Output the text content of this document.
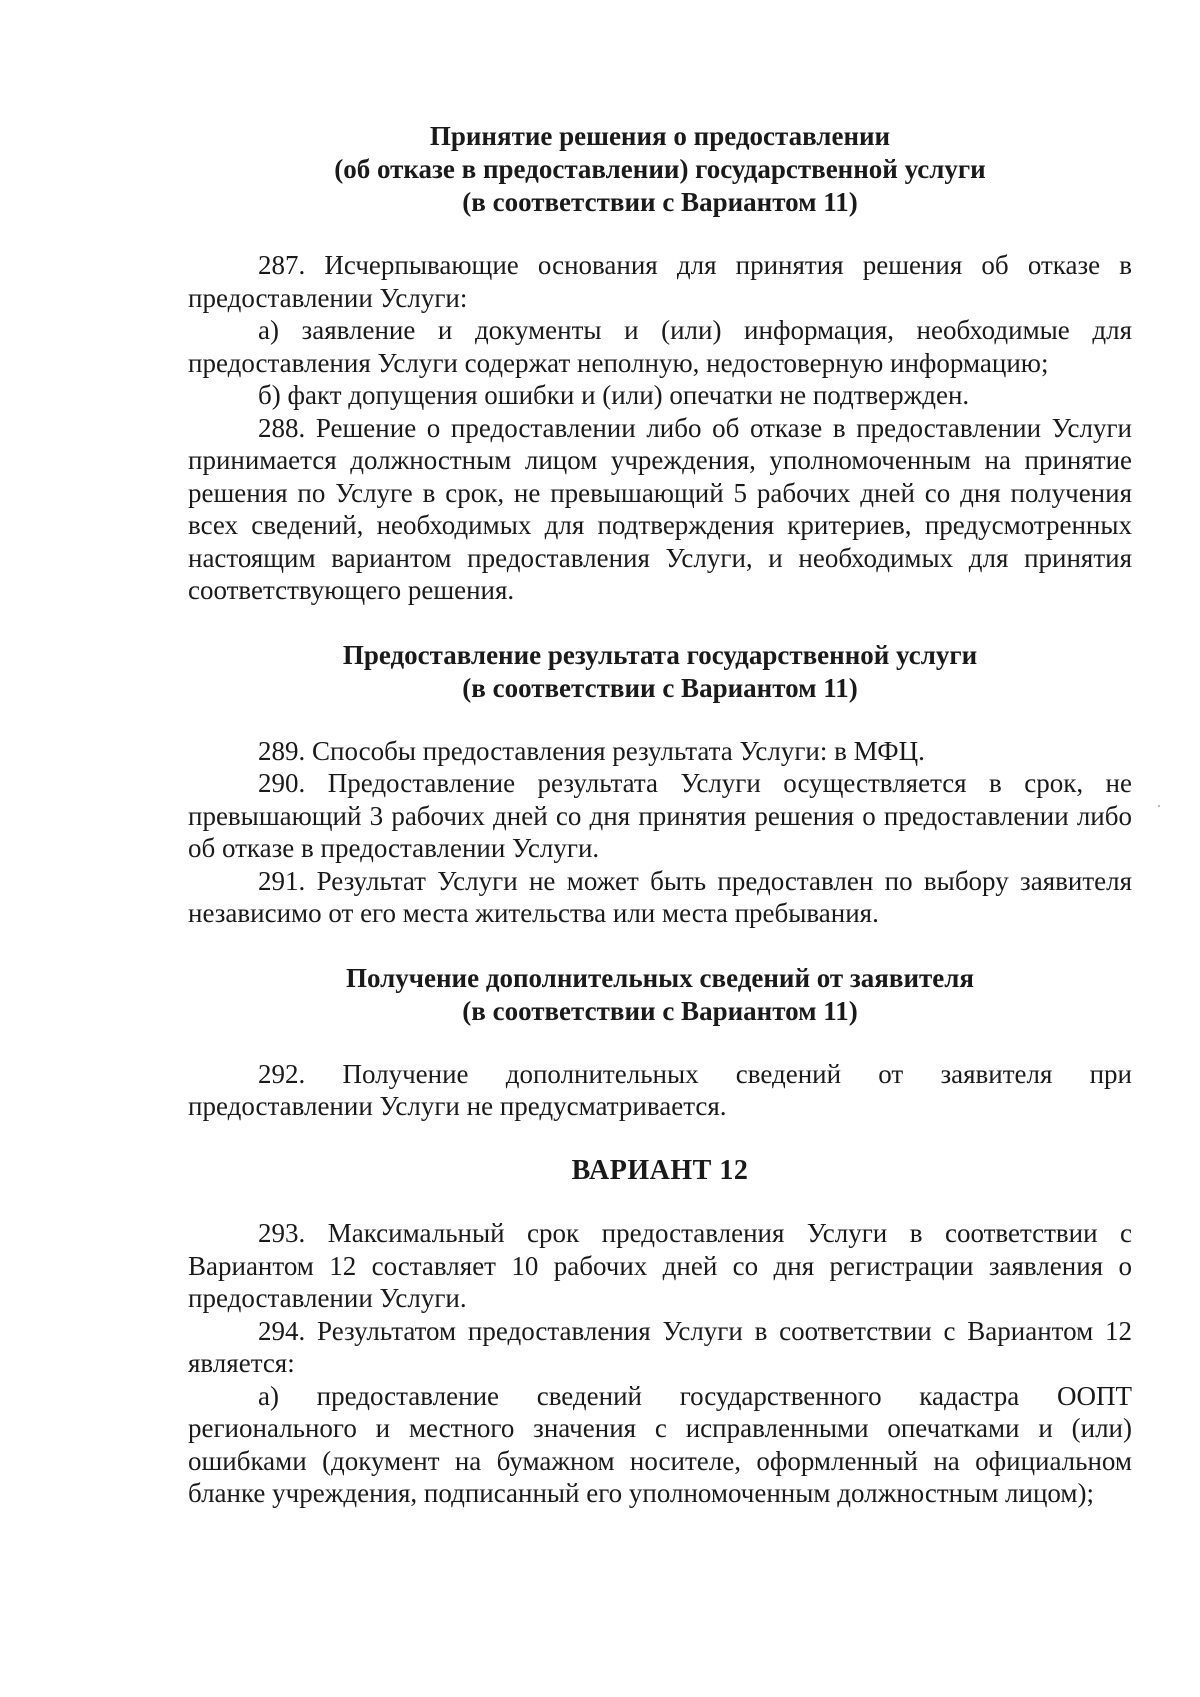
Принятие решения о предоставлении
(об отказе в предоставлении) государственной услуги
(в соответствии с Вариантом 11)

287. Исчерпывающие основания для принятия решения об отказе в предоставлении Услуги:

а) заявление и документы и (или) информация, необходимые для предоставления Услуги содержат неполную, недостоверную информацию;

б) факт допущения ошибки и (или) опечатки не подтвержден.

288. Решение о предоставлении либо об отказе в предоставлении Услуги принимается должностным лицом учреждения, уполномоченным на принятие решения по Услуге в срок, не превышающий 5 рабочих дней со дня получения всех сведений, необходимых для подтверждения критериев, предусмотренных настоящим вариантом предоставления Услуги, и необходимых для принятия соответствующего решения.

Предоставление результата государственной услуги
(в соответствии с Вариантом 11)

289. Способы предоставления результата Услуги: в МФЦ.

290. Предоставление результата Услуги осуществляется в срок, не превышающий 3 рабочих дней со дня принятия решения о предоставлении либо об отказе в предоставлении Услуги.

291. Результат Услуги не может быть предоставлен по выбору заявителя независимо от его места жительства или места пребывания.

Получение дополнительных сведений от заявителя
(в соответствии с Вариантом 11)

292. Получение дополнительных сведений от заявителя при предоставлении Услуги не предусматривается.

ВАРИАНТ 12

293. Максимальный срок предоставления Услуги в соответствии с Вариантом 12 составляет 10 рабочих дней со дня регистрации заявления о предоставлении Услуги.

294. Результатом предоставления Услуги в соответствии с Вариантом 12 является:

а) предоставление сведений государственного кадастра ООПТ регионального и местного значения с исправленными опечатками и (или) ошибками (документ на бумажном носителе, оформленный на официальном бланке учреждения, подписанный его уполномоченным должностным лицом);
